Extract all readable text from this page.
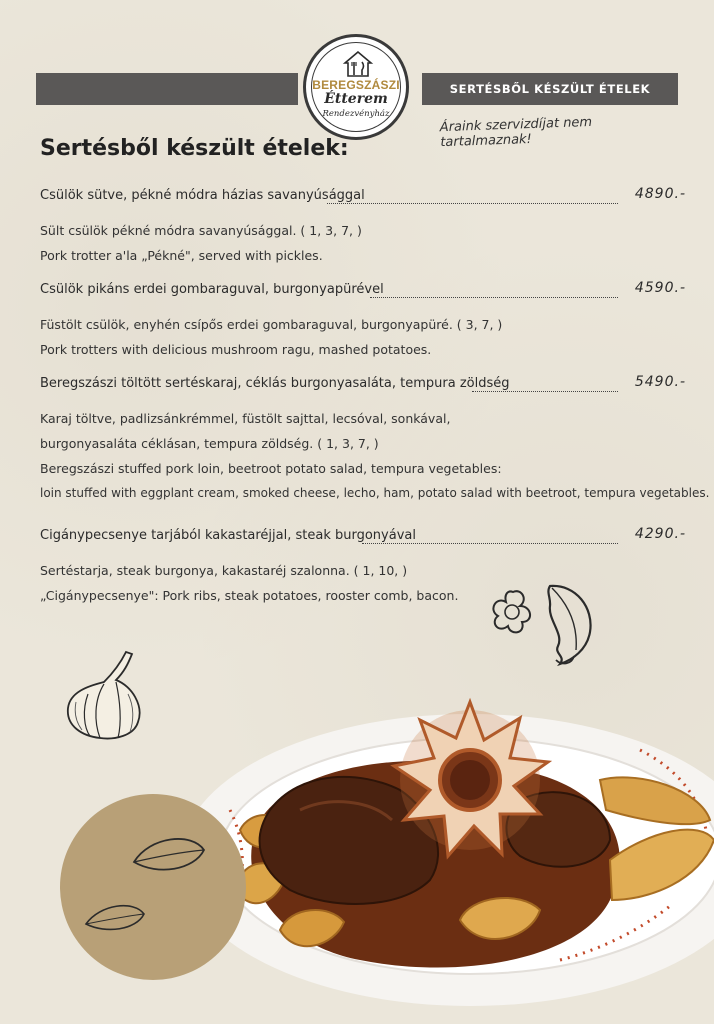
SERTÉSBŐL KÉSZÜLT ÉTELEK
BEREGSZÁSZI
Étterem
Rendezvényház
Áraink szervizdíjat nem tartalmaznak!
Sertésből készült ételek:
Csülök sütve, pékné módra házias savanyúsággal	4890.-
Sült csülök pékné módra savanyúsággal. ( 1, 3, 7, )
Pork trotter a'la „Pékné", served with pickles.
Csülök pikáns erdei gombaraguval, burgonyapürével	4590.-
Füstölt csülök, enyhén csípős erdei gombaraguval, burgonyapüré. ( 3, 7, )
Pork trotters with delicious mushroom ragu, mashed potatoes.
Beregszászi töltött sertéskaraj, céklás burgonyasaláta, tempura zöldség	5490.-
Karaj töltve, padlizsánkrémmel, füstölt sajttal, lecsóval, sonkával,
burgonyasaláta céklásan, tempura zöldség. ( 1, 3, 7, )
Beregszászi stuffed pork loin, beetroot potato salad, tempura vegetables:
loin stuffed with eggplant cream, smoked cheese, lecho, ham, potato salad with beetroot, tempura vegetables.
Cigánypecsenye tarjából kakastaréjjal, steak burgonyával	4290.-
Sertéstarja, steak burgonya, kakastaréj szalonna. ( 1, 10, )
„Cigánypecsenye": Pork ribs, steak potatoes, rooster comb, bacon.
